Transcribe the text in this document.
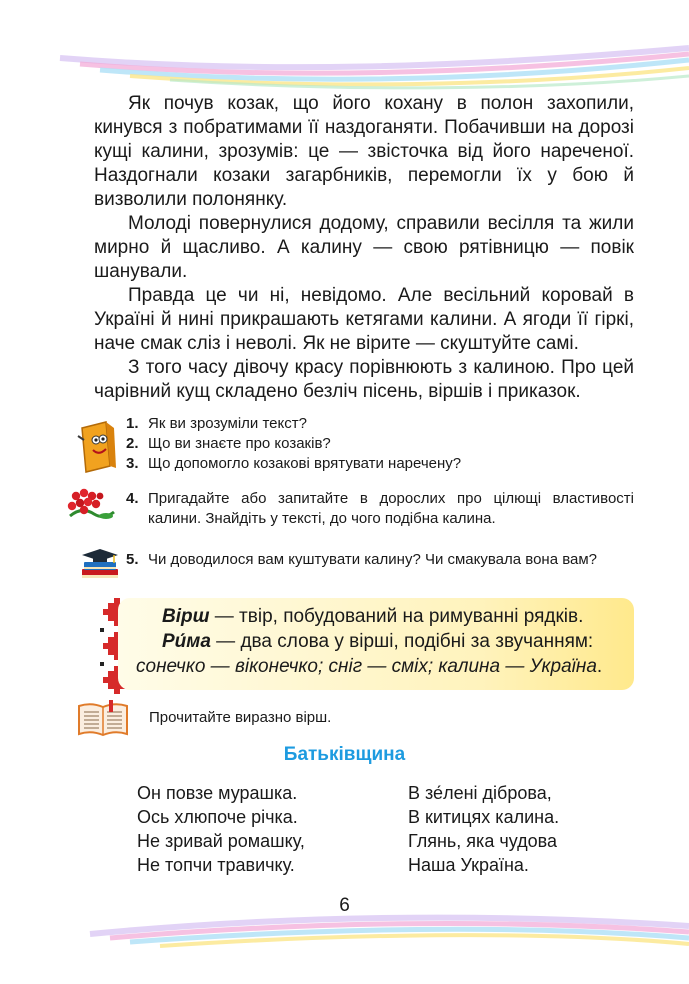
Як почув козак, що його кохану в полон захопили, кинувся з побратимами її наздоганяти. Побачивши на дорозі кущі калини, зрозумів: це — звісточка від його нареченої. Наздогнали козаки загарбників, перемогли їх у бою й визволили полонянку.

Молоді повернулися додому, справили весілля та жили мирно й щасливо. А калину — свою рятівницю — повік шанували.

Правда це чи ні, невідомо. Але весільний коровай в Україні й нині прикрашають кетягами калини. А ягоди її гіркі, наче смак сліз і неволі. Як не вірите — скуштуйте самі.

З того часу дівочу красу порівнюють з калиною. Про цей чарівний кущ складено безліч пісень, віршів і приказок.

1. Як ви зрозуміли текст?
2. Що ви знаєте про козаків?
3. Що допомогло козакові врятувати наречену?
4. Пригадайте або запитайте в дорослих про цілющі властивості калини. Знайдіть у тексті, до чого подібна калина.
5. Чи доводилося вам куштувати калину? Чи смакувала вона вам?

Вірш — твір, побудований на римуванні рядків.

Ри́ма — два слова у вірші, подібні за звучанням:

сонечко — віконечко; сніг — сміх; калина — Україна.

Прочитайте виразно вірш.
Батьківщина
Он повзе мурашка.
Ось хлюпоче річка.
Не зривай ромашку,
Не топчи травичку.
В зе́лені діброва,
В китицях калина.
Глянь, яка чудова
Наша Україна.
6
